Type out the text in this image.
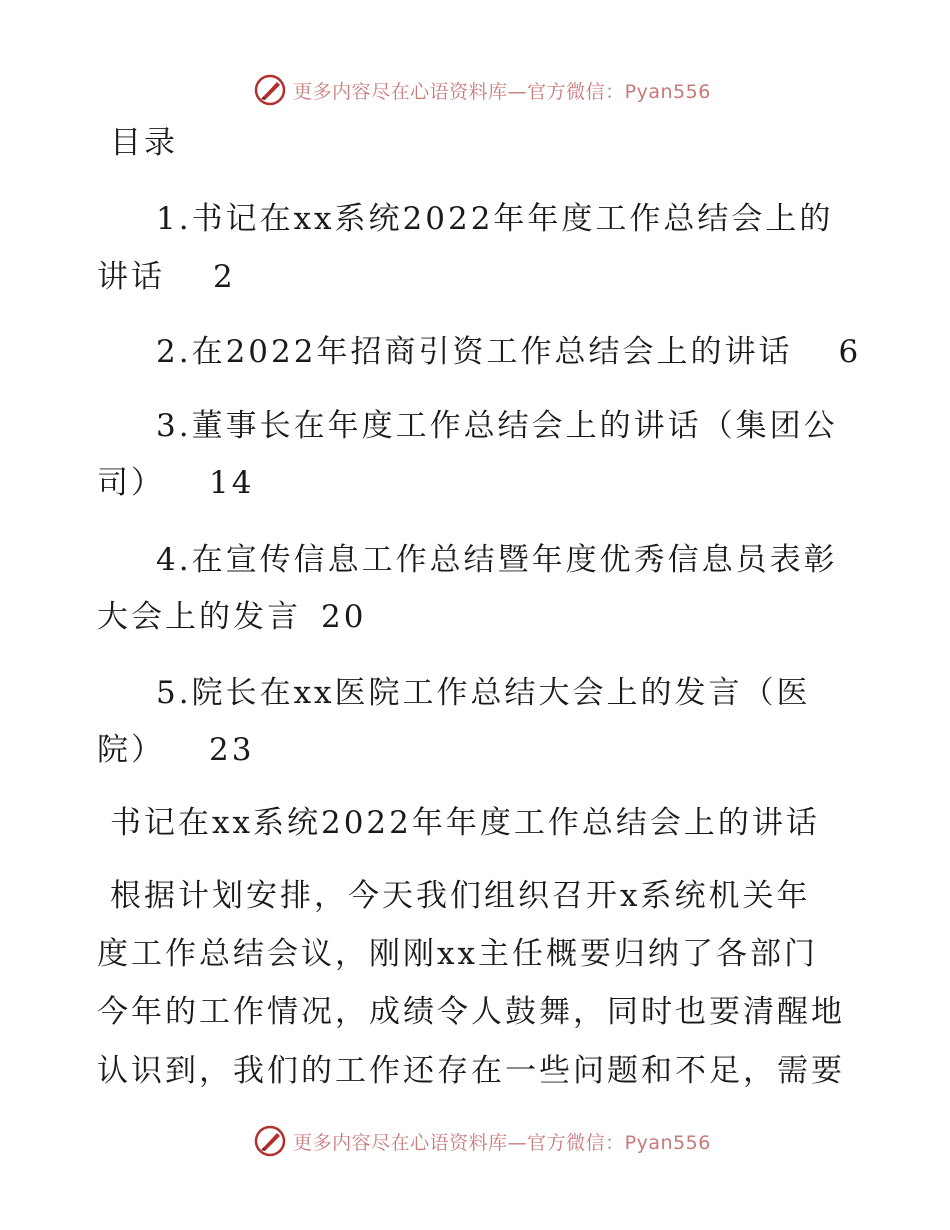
更多内容尽在心语资料库—官方微信：Pyan556
目录
1.书记在xx系统2022年年度工作总结会上的
讲话 2
2.在2022年招商引资工作总结会上的讲话 6
3.董事长在年度工作总结会上的讲话（集团公
司） 14
4.在宣传信息工作总结暨年度优秀信息员表彰
大会上的发言 20
5.院长在xx医院工作总结大会上的发言（医
院） 23
书记在xx系统2022年年度工作总结会上的讲话
根据计划安排，今天我们组织召开x系统机关年
度工作总结会议，刚刚xx主任概要归纳了各部门
今年的工作情况，成绩令人鼓舞，同时也要清醒地
认识到，我们的工作还存在一些问题和不足，需要
更多内容尽在心语资料库—官方微信：Pyan556
